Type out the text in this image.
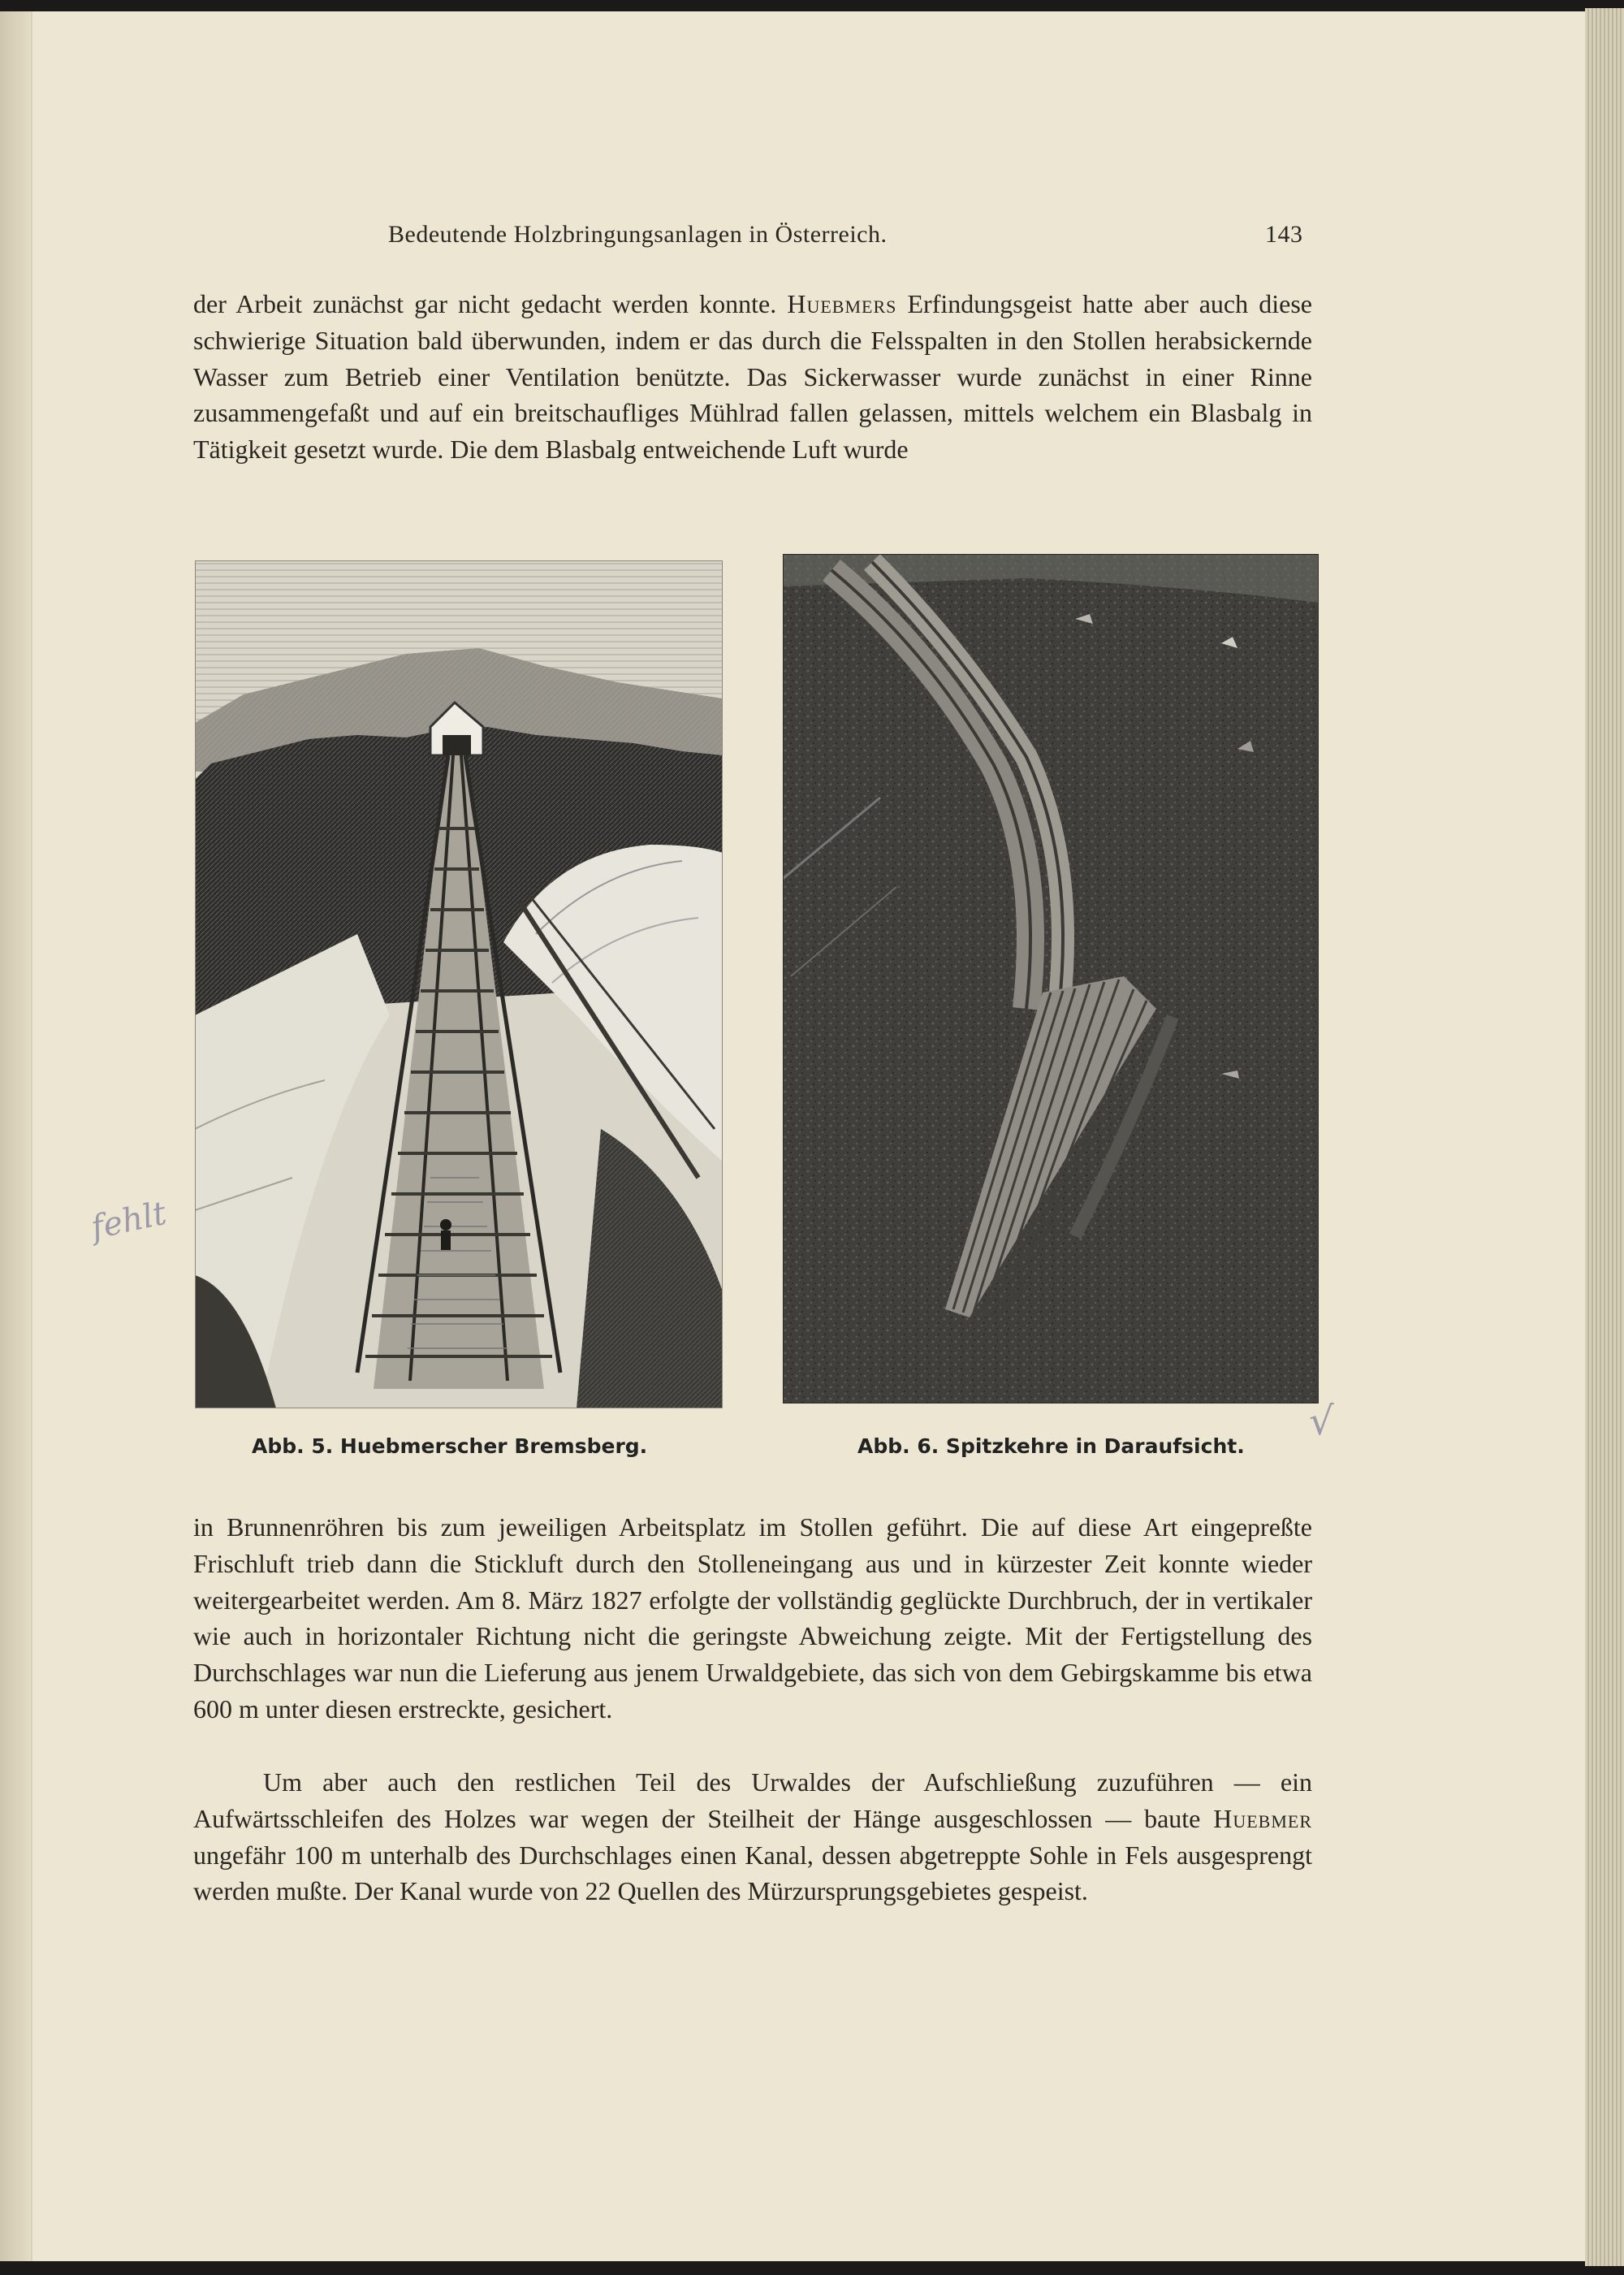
Bedeutende Holzbringungsanlagen in Österreich.	143

der Arbeit zunächst gar nicht gedacht werden konnte. Huebmers Erfindungsgeist hatte aber auch diese schwierige Situation bald überwunden, indem er das durch die Felsspalten in den Stollen herabsickernde Wasser zum Betrieb einer Ventilation benützte. Das Sickerwasser wurde zunächst in einer Rinne zusammengefaßt und auf ein breitschaufliges Mühlrad fallen gelassen, mittels welchem ein Blasbalg in Tätigkeit gesetzt wurde. Die dem Blasbalg entweichende Luft wurde

Abb. 5. Huebmerscher Bremsberg.	Abb. 6. Spitzkehre in Daraufsicht.
fehlt
√

in Brunnenröhren bis zum jeweiligen Arbeitsplatz im Stollen geführt. Die auf diese Art eingepreßte Frischluft trieb dann die Stickluft durch den Stolleneingang aus und in kürzester Zeit konnte wieder weitergearbeitet werden. Am 8. März 1827 erfolgte der vollständig geglückte Durchbruch, der in vertikaler wie auch in horizontaler Richtung nicht die geringste Abweichung zeigte. Mit der Fertigstellung des Durchschlages war nun die Lieferung aus jenem Urwaldgebiete, das sich von dem Gebirgskamme bis etwa 600 m unter diesen erstreckte, gesichert.

Um aber auch den restlichen Teil des Urwaldes der Aufschließung zuzuführen — ein Aufwärtsschleifen des Holzes war wegen der Steilheit der Hänge ausgeschlossen — baute Huebmer ungefähr 100 m unterhalb des Durchschlages einen Kanal, dessen abgetreppte Sohle in Fels ausgesprengt werden mußte. Der Kanal wurde von 22 Quellen des Mürzursprungsgebietes gespeist.
